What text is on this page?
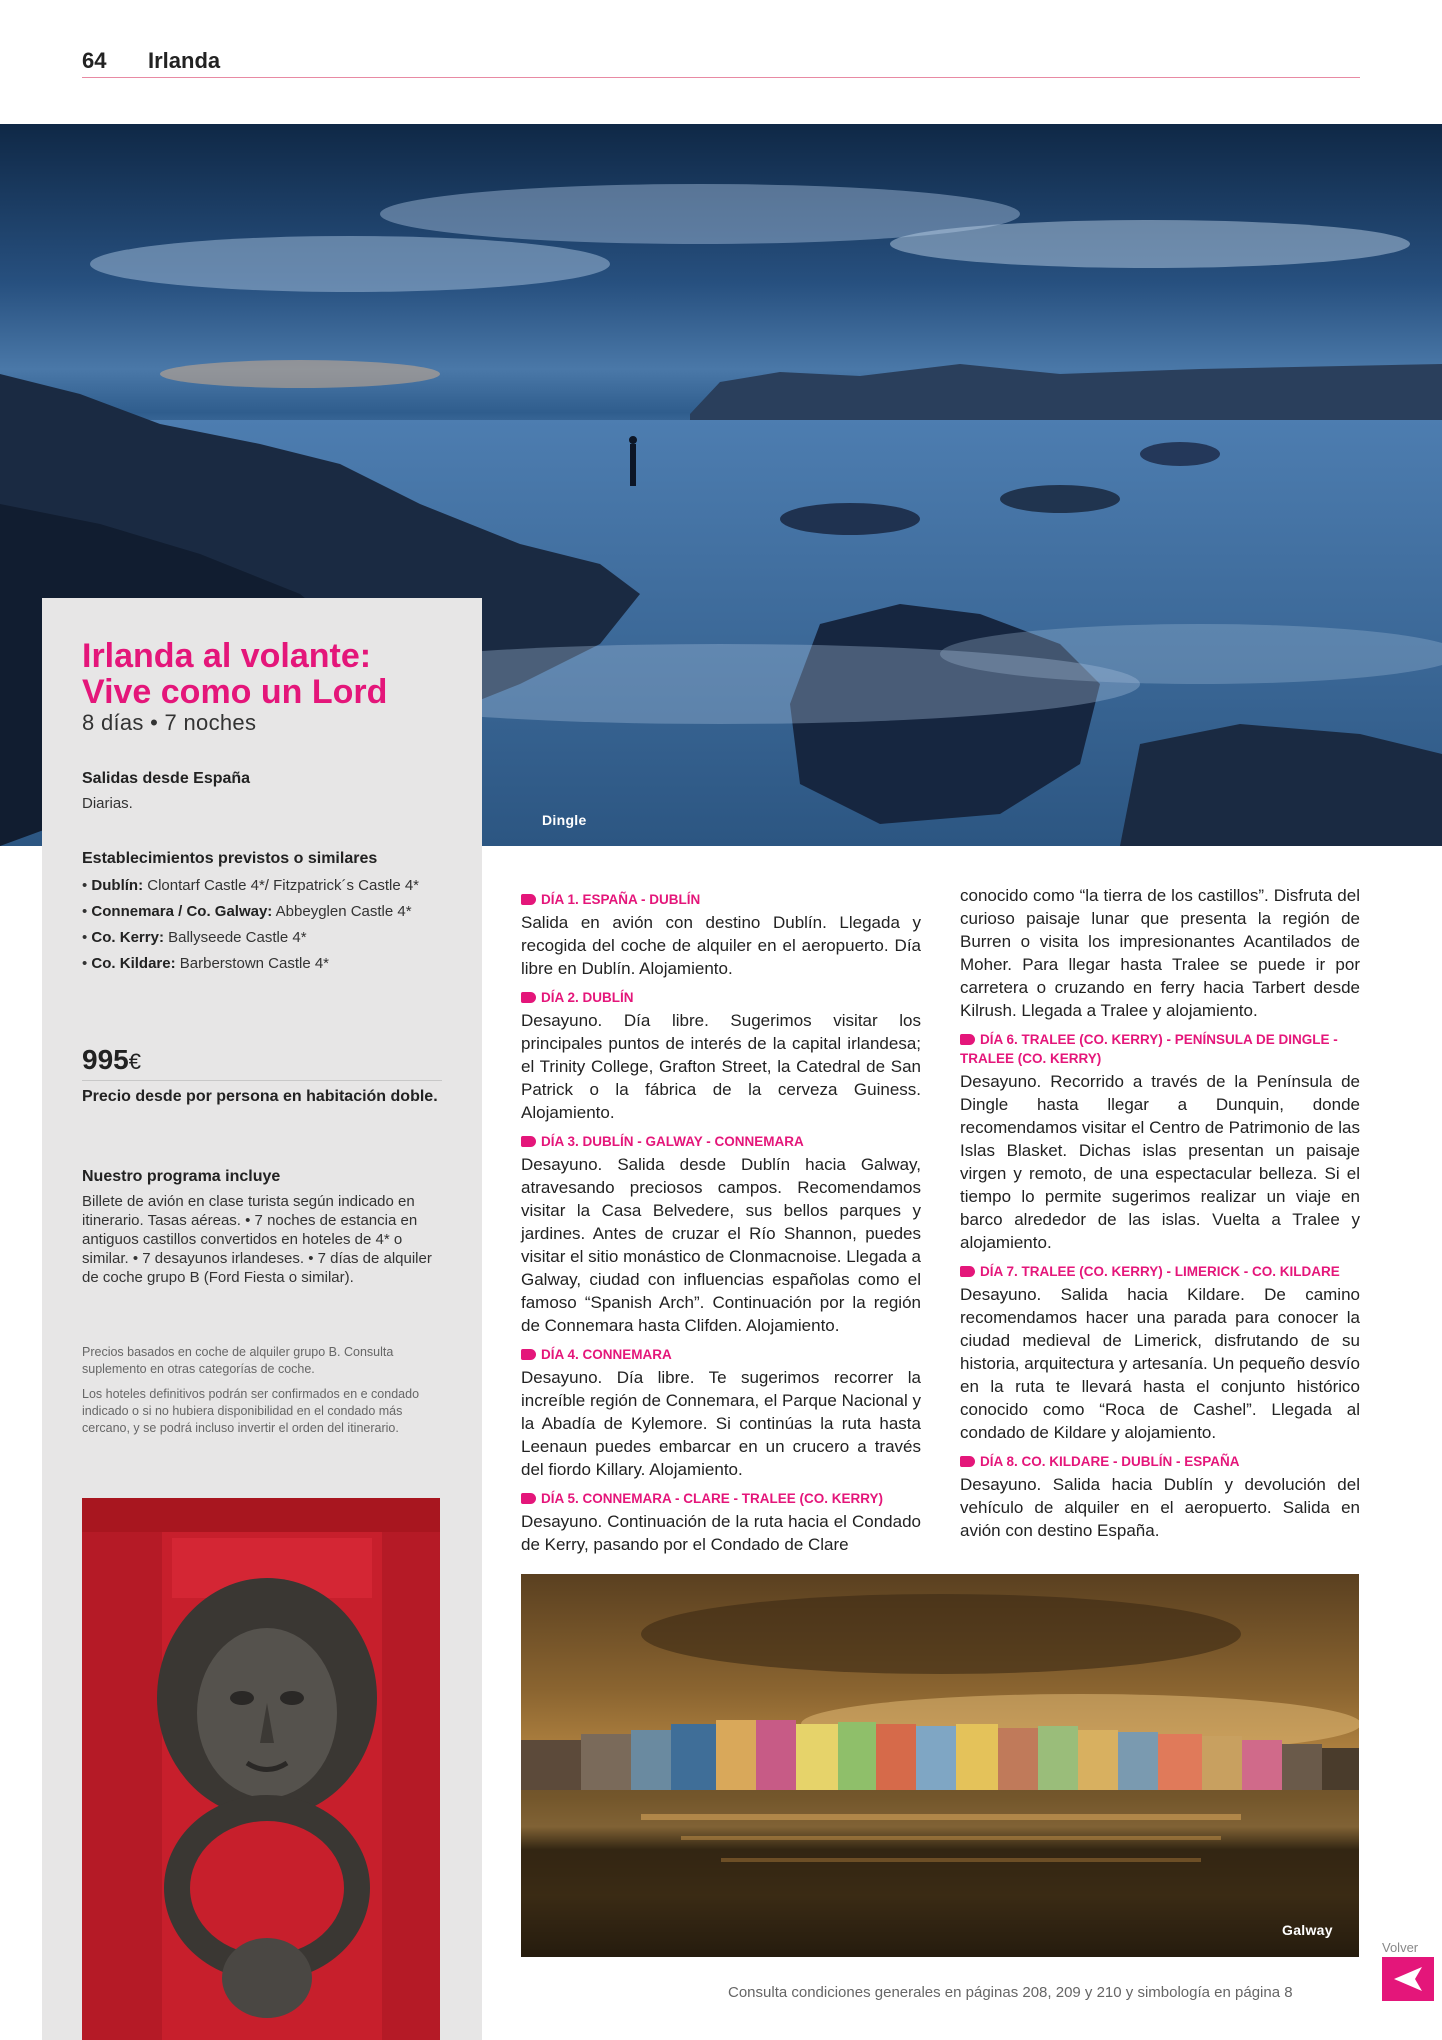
64 Irlanda
Dingle
Irlanda al volante:
Vive como un Lord
8 días • 7 noches
Salidas desde España
Diarias.
Establecimientos previstos o similares
• Dublín: Clontarf Castle 4*/ Fitzpatrick´s Castle 4*
• Connemara / Co. Galway: Abbeyglen Castle 4*
• Co. Kerry: Ballyseede Castle 4*
• Co. Kildare: Barberstown Castle 4*
995€
Precio desde por persona en habitación doble.
Nuestro programa incluye
Billete de avión en clase turista según indicado en itinerario. Tasas aéreas. • 7 noches de estancia en antiguos castillos convertidos en hoteles de 4* o similar. • 7 desayunos irlandeses. • 7 días de alquiler de coche grupo B (Ford Fiesta o similar).
Precios basados en coche de alquiler grupo B. Consulta suplemento en otras categorías de coche.
Los hoteles definitivos podrán ser confirmados en e condado indicado o si no hubiera disponibilidad en el condado más cercano, y se podrá incluso invertir el orden del itinerario.
DÍA 1. ESPAÑA - DUBLÍN

Salida en avión con destino Dublín. Llegada y recogida del coche de alquiler en el aeropuerto. Día libre en Dublín. Alojamiento.

DÍA 2. DUBLÍN

Desayuno. Día libre. Sugerimos visitar los principales puntos de interés de la capital irlandesa; el Trinity College, Grafton Street, la Catedral de San Patrick o la fábrica de la cerveza Guiness. Alojamiento.

DÍA 3. DUBLÍN - GALWAY - CONNEMARA

Desayuno. Salida desde Dublín hacia Galway, atravesando preciosos campos. Recomendamos visitar la Casa Belvedere, sus bellos parques y jardines. Antes de cruzar el Río Shannon, puedes visitar el sitio monástico de Clonmacnoise. Llegada a Galway, ciudad con influencias españolas como el famoso “Spanish Arch”. Continuación por la región de Connemara hasta Clifden. Alojamiento.

DÍA 4. CONNEMARA

Desayuno. Día libre. Te sugerimos recorrer la increíble región de Connemara, el Parque Nacional y la Abadía de Kylemore. Si continúas la ruta hasta Leenaun puedes embarcar en un crucero a través del fiordo Killary. Alojamiento.

DÍA 5. CONNEMARA - CLARE - TRALEE (CO. KERRY)

Desayuno. Continuación de la ruta hacia el Condado de Kerry, pasando por el Condado de Clare

conocido como “la tierra de los castillos”. Disfruta del curioso paisaje lunar que presenta la región de Burren o visita los impresionantes Acantilados de Moher. Para llegar hasta Tralee se puede ir por carretera o cruzando en ferry hacia Tarbert desde Kilrush. Llegada a Tralee y alojamiento.

DÍA 6. TRALEE (CO. KERRY) - PENÍNSULA DE DINGLE - TRALEE (CO. KERRY)

Desayuno. Recorrido a través de la Península de Dingle hasta llegar a Dunquin, donde recomendamos visitar el Centro de Patrimonio de las Islas Blasket. Dichas islas presentan un paisaje virgen y remoto, de una espectacular belleza. Si el tiempo lo permite sugerimos realizar un viaje en barco alrededor de las islas. Vuelta a Tralee y alojamiento.

DÍA 7. TRALEE (CO. KERRY) - LIMERICK - CO. KILDARE

Desayuno. Salida hacia Kildare. De camino recomendamos hacer una parada para conocer la ciudad medieval de Limerick, disfrutando de su historia, arquitectura y artesanía. Un pequeño desvío en la ruta te llevará hasta el conjunto histórico conocido como “Roca de Cashel”. Llegada al condado de Kildare y alojamiento.

DÍA 8. CO. KILDARE - DUBLÍN - ESPAÑA

Desayuno. Salida hacia Dublín y devolución del vehículo de alquiler en el aeropuerto. Salida en avión con destino España.

Galway
Volver
Consulta condiciones generales en páginas 208, 209 y 210 y simbología en página 8
